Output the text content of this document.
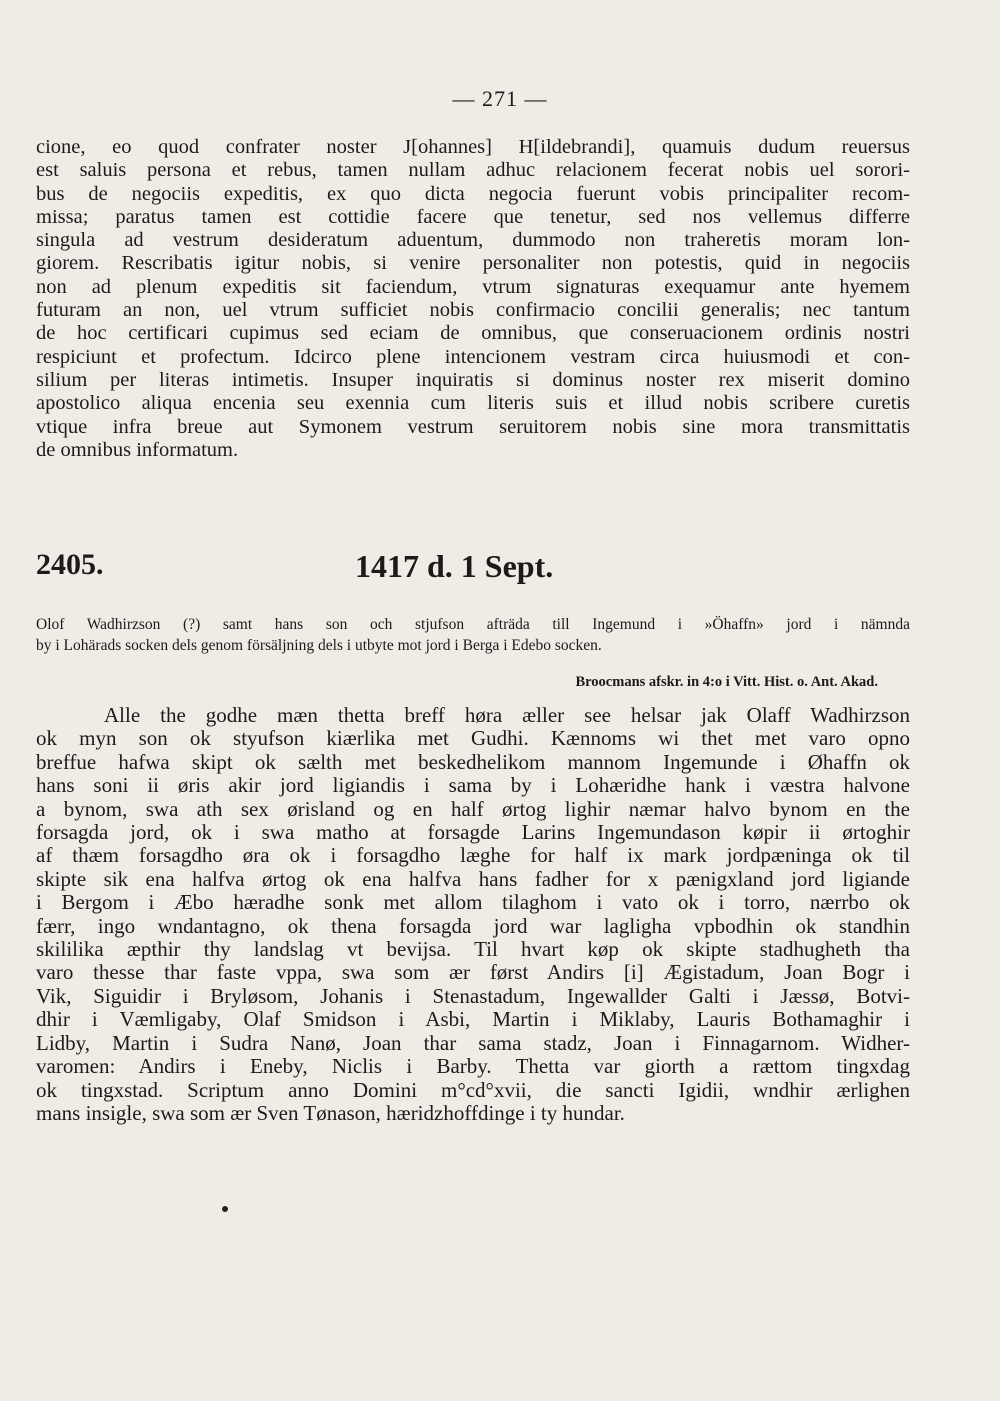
— 271 —
cione, eo quod confrater noster J[ohannes] H[ildebrandi], quamuis dudum reuersus
est saluis persona et rebus, tamen nullam adhuc relacionem fecerat nobis uel sorori-
bus de negociis expeditis, ex quo dicta negocia fuerunt vobis principaliter recom-
missa; paratus tamen est cottidie facere que tenetur, sed nos vellemus differre
singula ad vestrum desideratum aduentum, dummodo non traheretis moram lon-
giorem. Rescribatis igitur nobis, si venire personaliter non potestis, quid in negociis
non ad plenum expeditis sit faciendum, vtrum signaturas exequamur ante hyemem
futuram an non, uel vtrum sufficiet nobis confirmacio concilii generalis; nec tantum
de hoc certificari cupimus sed eciam de omnibus, que conseruacionem ordinis nostri
respiciunt et profectum. Idcirco plene intencionem vestram circa huiusmodi et con-
silium per literas intimetis. Insuper inquiratis si dominus noster rex miserit domino
apostolico aliqua encenia seu exennia cum literis suis et illud nobis scribere curetis
vtique infra breue aut Symonem vestrum seruitorem nobis sine mora transmittatis
de omnibus informatum.
2405.	1417 d. 1 Sept.
Olof Wadhirzson (?) samt hans son och stjufson afträda till Ingemund i »Öhaffn» jord i nämnda
by i Lohärads socken dels genom försäljning dels i utbyte mot jord i Berga i Edebo socken.
Broocmans afskr. in 4:o i Vitt. Hist. o. Ant. Akad.
Alle the godhe mæn thetta breff høra æller see helsar jak Olaff Wadhirzson
ok myn son ok styufson kiærlika met Gudhi. Kænnoms wi thet met varo opno
breffue hafwa skipt ok sælth met beskedhelikom mannom Ingemunde i Øhaffn ok
hans soni ii øris akir jord ligiandis i sama by i Lohæridhe hank i væstra halvone
a bynom, swa ath sex ørisland og en half ørtog lighir næmar halvo bynom en the
forsagda jord, ok i swa matho at forsagde Larins Ingemundason køpir ii ørtoghir
af thæm forsagdho øra ok i forsagdho læghe for half ix mark jordpæninga ok til
skipte sik ena halfva ørtog ok ena halfva hans fadher for x pænigxland jord ligiande
i Bergom i Æbo hæradhe sonk met allom tilaghom i vato ok i torro, nærrbo ok
færr, ingo wndantagno, ok thena forsagda jord war laglighа vpbodhin ok standhin
skililika æpthir thy landslag vt bevijsa. Til hvart køp ok skipte stadhugheth tha
varo thesse thar faste vppa, swa som ær først Andirs [i] Ægistadum, Joan Bogr i
Vik, Siguidir i Bryløsom, Johanis i Stenastadum, Ingewallder Galti i Jæssø, Botvi-
dhir i Væmligaby, Olaf Smidson i Asbi, Martin i Miklaby, Lauris Bothamaghir i
Lidby, Martin i Sudra Nanø, Joan thar sama stadz, Joan i Finnagarnom. Widher-
varomen: Andirs i Eneby, Niclis i Barby. Thetta var giorth a rættom tingxdag
ok tingxstad. Scriptum anno Domini m°cd°xvii, die sancti Igidii, wndhir ærlighen
mans insigle, swa som ær Sven Tønason, hæridzhoffdinge i ty hundar.
